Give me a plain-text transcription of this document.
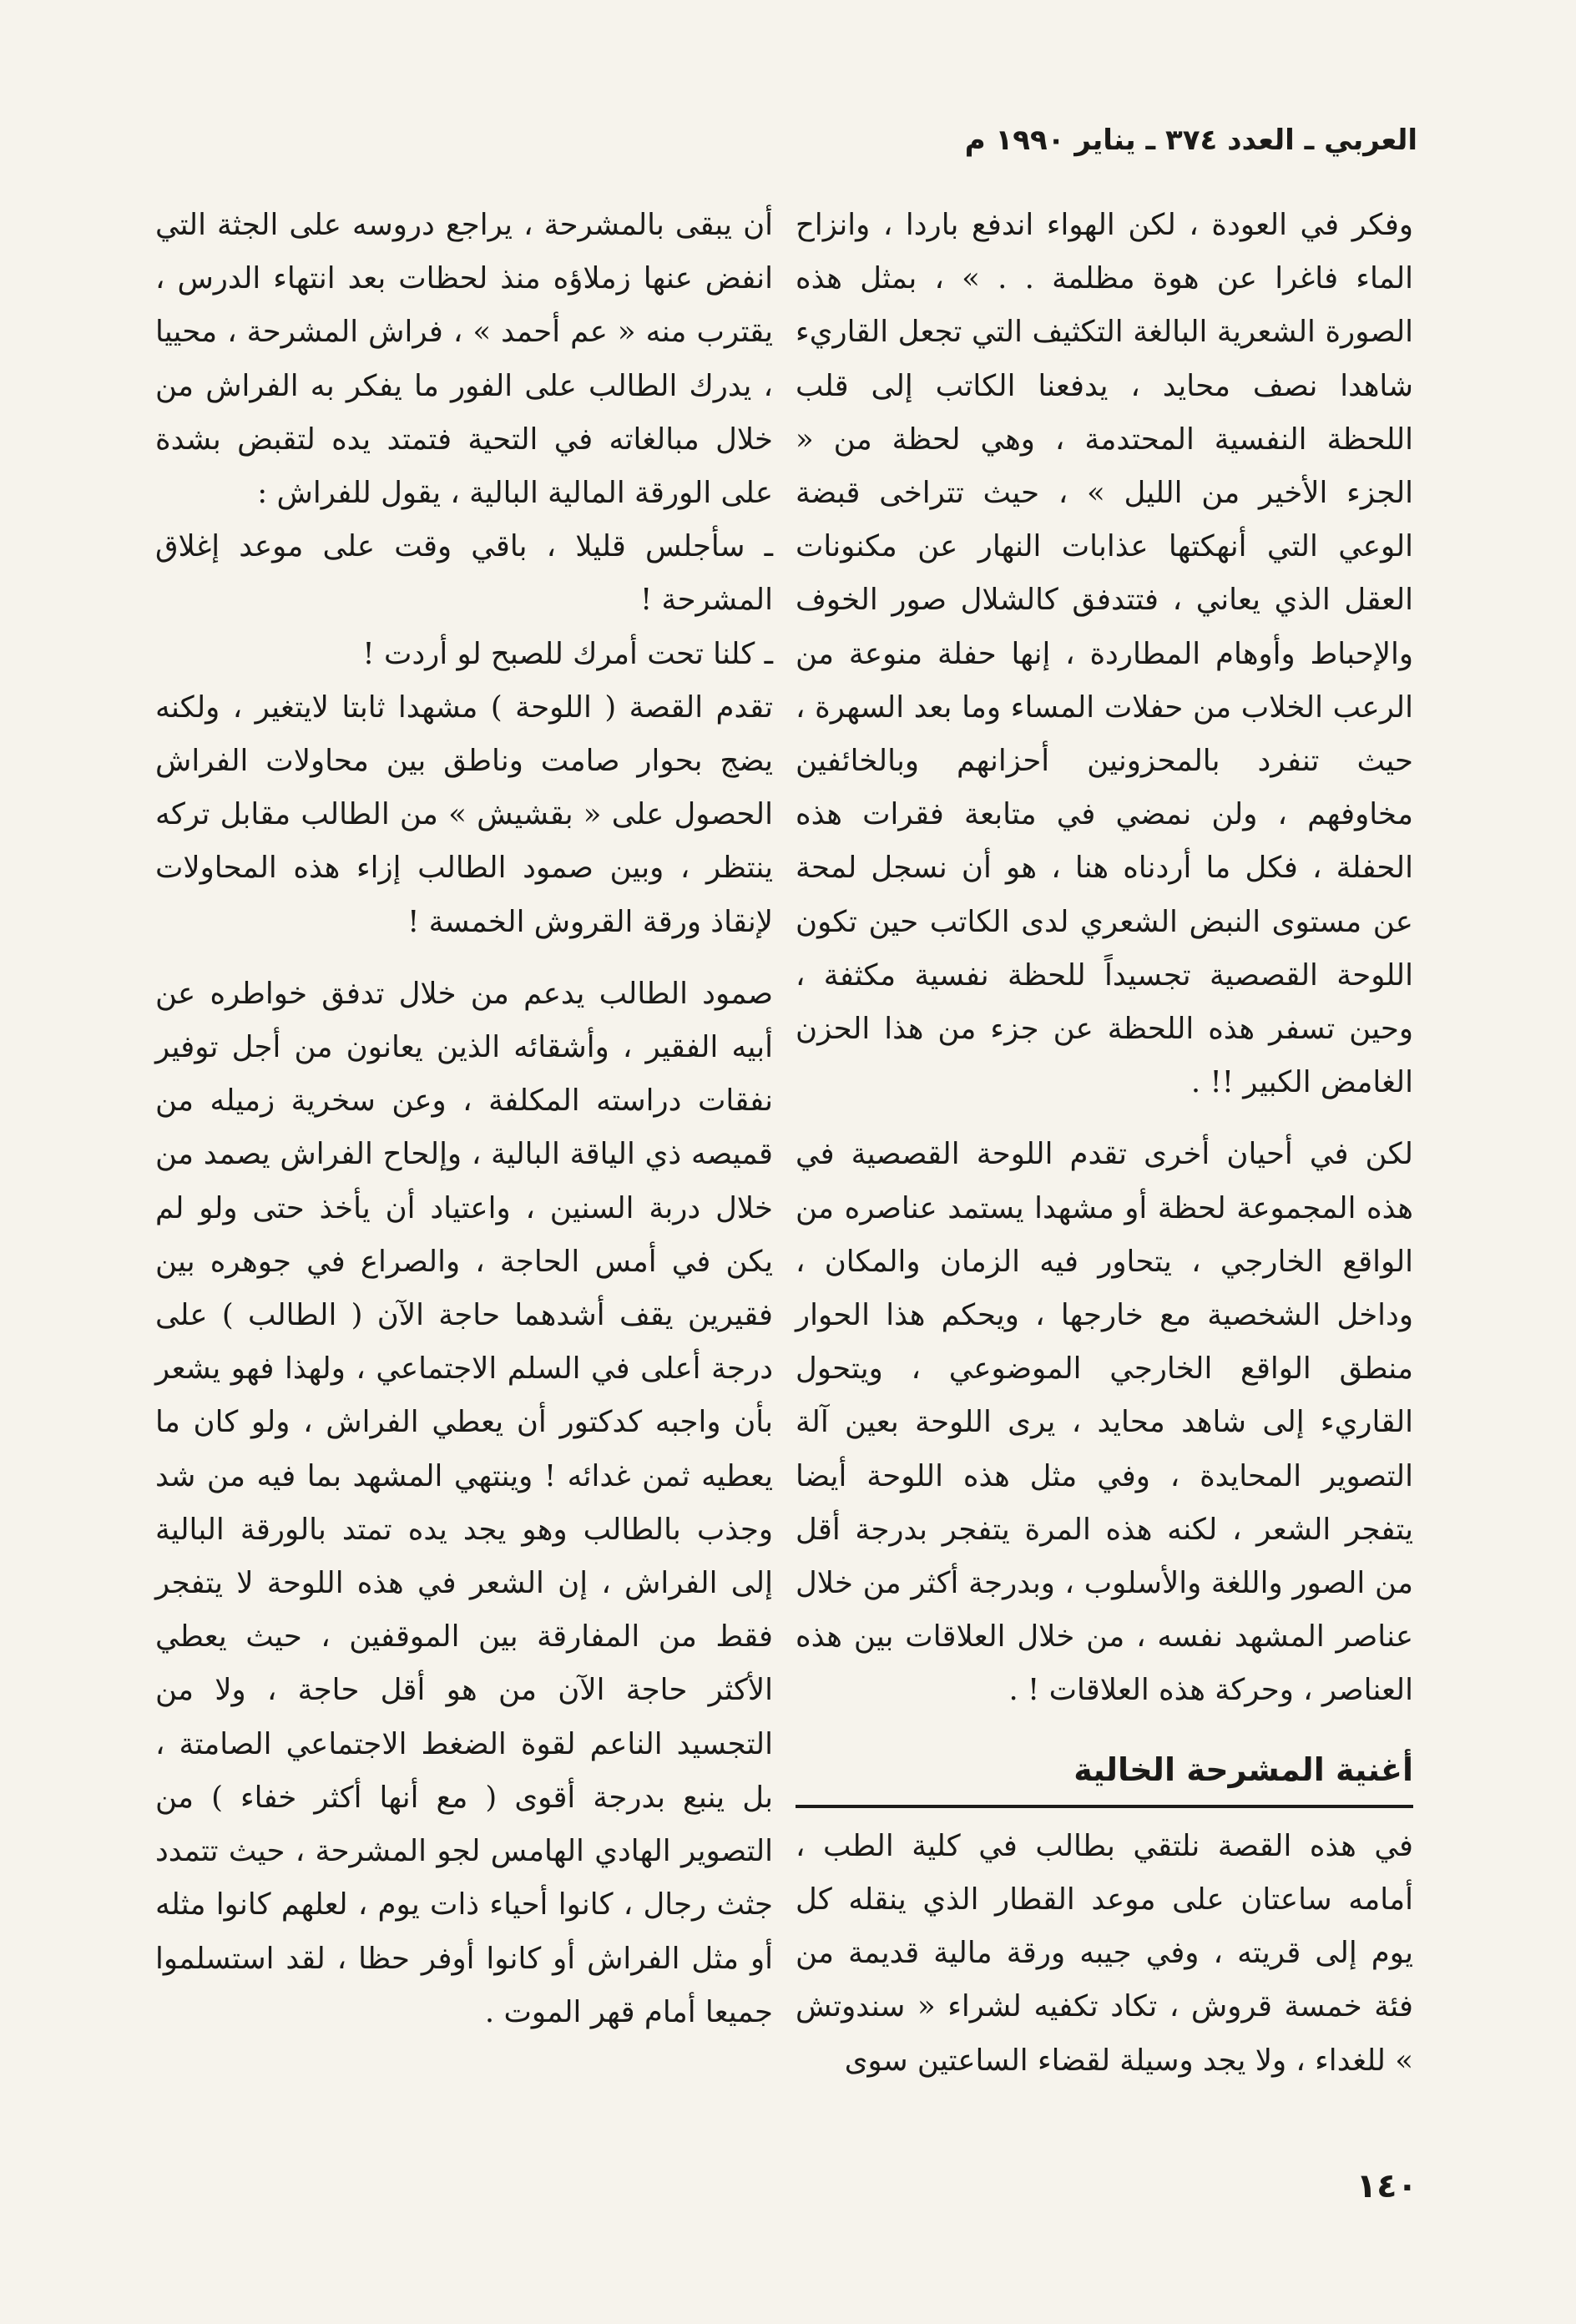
العربي ـ العدد ٣٧٤ ـ يناير ١٩٩٠ م

وفكر في العودة ، لكن الهواء اندفع باردا ، وانزاح الماء فاغرا عن هوة مظلمة . . » ، بمثل هذه الصورة الشعرية البالغة التكثيف التي تجعل القاريء شاهدا نصف محايد ، يدفعنا الكاتب إلى قلب اللحظة النفسية المحتدمة ، وهي لحظة من « الجزء الأخير من الليل » ، حيث تتراخى قبضة الوعي التي أنهكتها عذابات النهار عن مكنونات العقل الذي يعاني ، فتتدفق كالشلال صور الخوف والإحباط وأوهام المطاردة ، إنها حفلة منوعة من الرعب الخلاب من حفلات المساء وما بعد السهرة ، حيث تنفرد بالمحزونين أحزانهم وبالخائفين مخاوفهم ، ولن نمضي في متابعة فقرات هذه الحفلة ، فكل ما أردناه هنا ، هو أن نسجل لمحة عن مستوى النبض الشعري لدى الكاتب حين تكون اللوحة القصصية تجسيداً للحظة نفسية مكثفة ، وحين تسفر هذه اللحظة عن جزء من هذا الحزن الغامض الكبير !! .

لكن في أحيان أخرى تقدم اللوحة القصصية في هذه المجموعة لحظة أو مشهدا يستمد عناصره من الواقع الخارجي ، يتحاور فيه الزمان والمكان ، وداخل الشخصية مع خارجها ، ويحكم هذا الحوار منطق الواقع الخارجي الموضوعي ، ويتحول القاريء إلى شاهد محايد ، يرى اللوحة بعين آلة التصوير المحايدة ، وفي مثل هذه اللوحة أيضا يتفجر الشعر ، لكنه هذه المرة يتفجر بدرجة أقل من الصور واللغة والأسلوب ، وبدرجة أكثر من خلال عناصر المشهد نفسه ، من خلال العلاقات بين هذه العناصر ، وحركة هذه العلاقات ! .

أغنية المشرحة الخالية

في هذه القصة نلتقي بطالب في كلية الطب ، أمامه ساعتان على موعد القطار الذي ينقله كل يوم إلى قريته ، وفي جيبه ورقة مالية قديمة من فئة خمسة قروش ، تكاد تكفيه لشراء « سندوتش » للغداء ، ولا يجد وسيلة لقضاء الساعتين سوى

أن يبقى بالمشرحة ، يراجع دروسه على الجثة التي انفض عنها زملاؤه منذ لحظات بعد انتهاء الدرس ، يقترب منه « عم أحمد » ، فراش المشرحة ، محييا ، يدرك الطالب على الفور ما يفكر به الفراش من خلال مبالغاته في التحية فتمتد يده لتقبض بشدة على الورقة المالية البالية ، يقول للفراش :

ـ سأجلس قليلا ، باقي وقت على موعد إغلاق المشرحة !

ـ كلنا تحت أمرك للصبح لو أردت !

تقدم القصة ( اللوحة ) مشهدا ثابتا لايتغير ، ولكنه يضج بحوار صامت وناطق بين محاولات الفراش الحصول على « بقشيش » من الطالب مقابل تركه ينتظر ، وبين صمود الطالب إزاء هذه المحاولات لإنقاذ ورقة القروش الخمسة !

صمود الطالب يدعم من خلال تدفق خواطره عن أبيه الفقير ، وأشقائه الذين يعانون من أجل توفير نفقات دراسته المكلفة ، وعن سخرية زميله من قميصه ذي الياقة البالية ، وإلحاح الفراش يصمد من خلال دربة السنين ، واعتياد أن يأخذ حتى ولو لم يكن في أمس الحاجة ، والصراع في جوهره بين فقيرين يقف أشدهما حاجة الآن ( الطالب ) على درجة أعلى في السلم الاجتماعي ، ولهذا فهو يشعر بأن واجبه كدكتور أن يعطي الفراش ، ولو كان ما يعطيه ثمن غدائه ! وينتهي المشهد بما فيه من شد وجذب بالطالب وهو يجد يده تمتد بالورقة البالية إلى الفراش ، إن الشعر في هذه اللوحة لا يتفجر فقط من المفارقة بين الموقفين ، حيث يعطي الأكثر حاجة الآن من هو أقل حاجة ، ولا من التجسيد الناعم لقوة الضغط الاجتماعي الصامتة ، بل ينبع بدرجة أقوى ( مع أنها أكثر خفاء ) من التصوير الهادي الهامس لجو المشرحة ، حيث تتمدد جثث رجال ، كانوا أحياء ذات يوم ، لعلهم كانوا مثله أو مثل الفراش أو كانوا أوفر حظا ، لقد استسلموا جميعا أمام قهر الموت .

١٤٠
